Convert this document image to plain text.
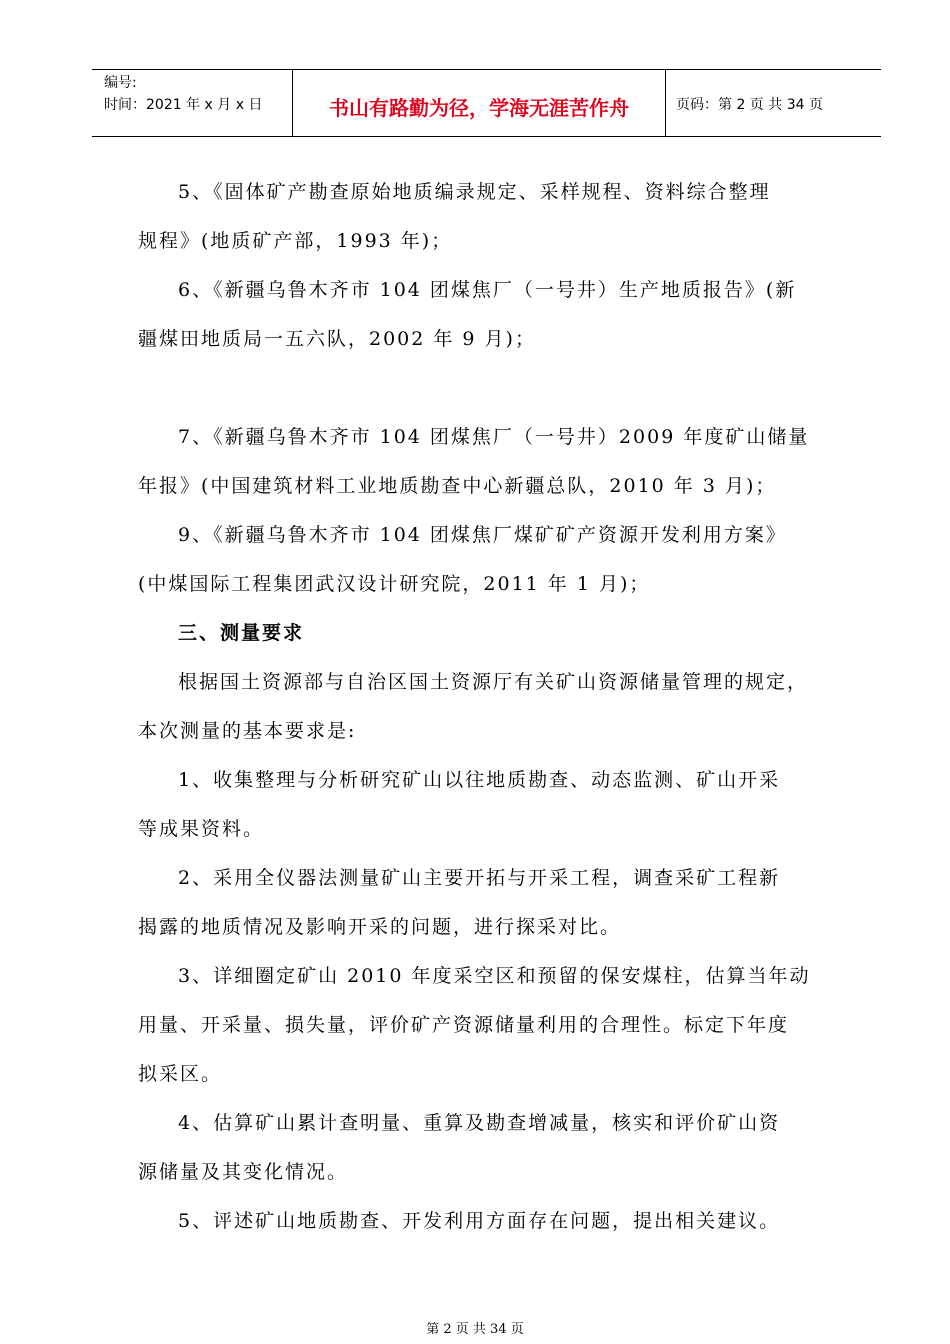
编号:
时间：2021 年 x 月 x 日	书山有路勤为径，学海无涯苦作舟	页码：第 2 页 共 34 页

5、《固体矿产勘查原始地质编录规定、采样规程、资料综合整理

规程》(地质矿产部，1993 年)；

6、《新疆乌鲁木齐市 104 团煤焦厂（一号井）生产地质报告》(新

疆煤田地质局一五六队，2002 年 9 月)；

7、《新疆乌鲁木齐市 104 团煤焦厂（一号井）2009 年度矿山储量

年报》(中国建筑材料工业地质勘查中心新疆总队，2010 年 3 月)；

9、《新疆乌鲁木齐市 104 团煤焦厂煤矿矿产资源开发利用方案》

(中煤国际工程集团武汉设计研究院，2011 年 1 月)；

三、测量要求

根据国土资源部与自治区国土资源厅有关矿山资源储量管理的规定，

本次测量的基本要求是:

1、收集整理与分析研究矿山以往地质勘查、动态监测、矿山开采

等成果资料。

2、采用全仪器法测量矿山主要开拓与开采工程，调查采矿工程新

揭露的地质情况及影响开采的问题，进行探采对比。

3、详细圈定矿山 2010 年度采空区和预留的保安煤柱，估算当年动

用量、开采量、损失量，评价矿产资源储量利用的合理性。标定下年度

拟采区。

4、估算矿山累计查明量、重算及勘查增减量，核实和评价矿山资

源储量及其变化情况。

5、评述矿山地质勘查、开发利用方面存在问题，提出相关建议。

第 2 页 共 34 页
